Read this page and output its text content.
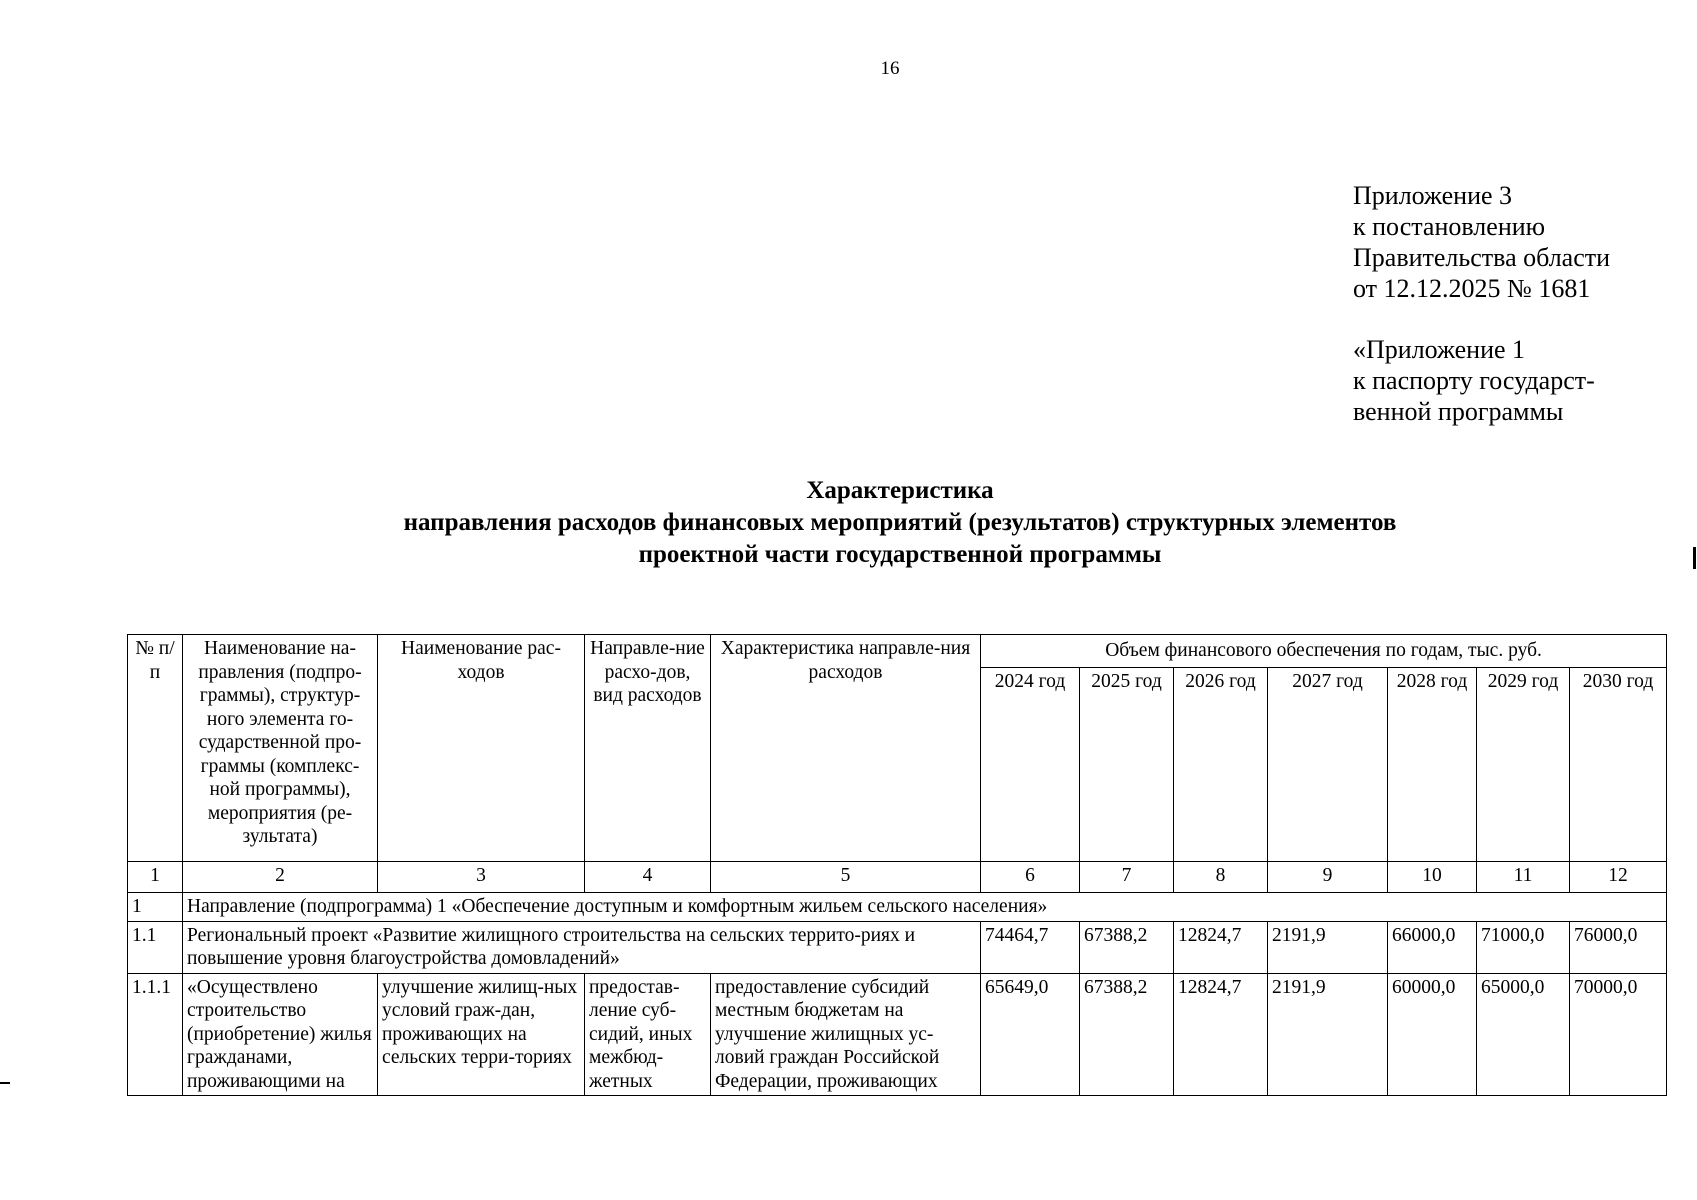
16
Приложение 3
к постановлению
Правительства области
от 12.12.2025 № 1681
«Приложение 1
к паспорту государст-
венной программы
Характеристика
направления расходов финансовых мероприятий (результатов) структурных элементов
проектной части государственной программы
№ п/п	Наименование на-правления (подпро-граммы), структур-ного элемента го-сударственной про-граммы (комплекс-ной программы), мероприятия (ре-зультата)	Наименование рас-ходов	Направле-ние расхо-дов, вид расходов	Характеристика направле-ния расходов	Объем финансового обеспечения по годам, тыс. руб.						
					2024 год	2025 год	2026 год	2027 год	2028 год	2029 год	2030 год
1	2	3	4	5	6	7	8	9	10	11	12
1	Направление (подпрограмма) 1 «Обеспечение доступным и комфортным жильем сельского населения»										
1.1	Региональный проект «Развитие жилищного строительства на сельских террито-риях и повышение уровня благоустройства домовладений»				74464,7	67388,2	12824,7	2191,9	66000,0	71000,0	76000,0
1.1.1	«Осуществлено строительство (приобретение) жилья гражданами, проживающими на	улучшение жилищ-ных условий граж-дан, проживающих на сельских терри-ториях	предостав-ление суб-сидий, иных межбюд-жетных	предоставление субсидий местным бюджетам на улучшение жилищных ус-ловий граждан Российской Федерации, проживающих	65649,0	67388,2	12824,7	2191,9	60000,0	65000,0	70000,0
